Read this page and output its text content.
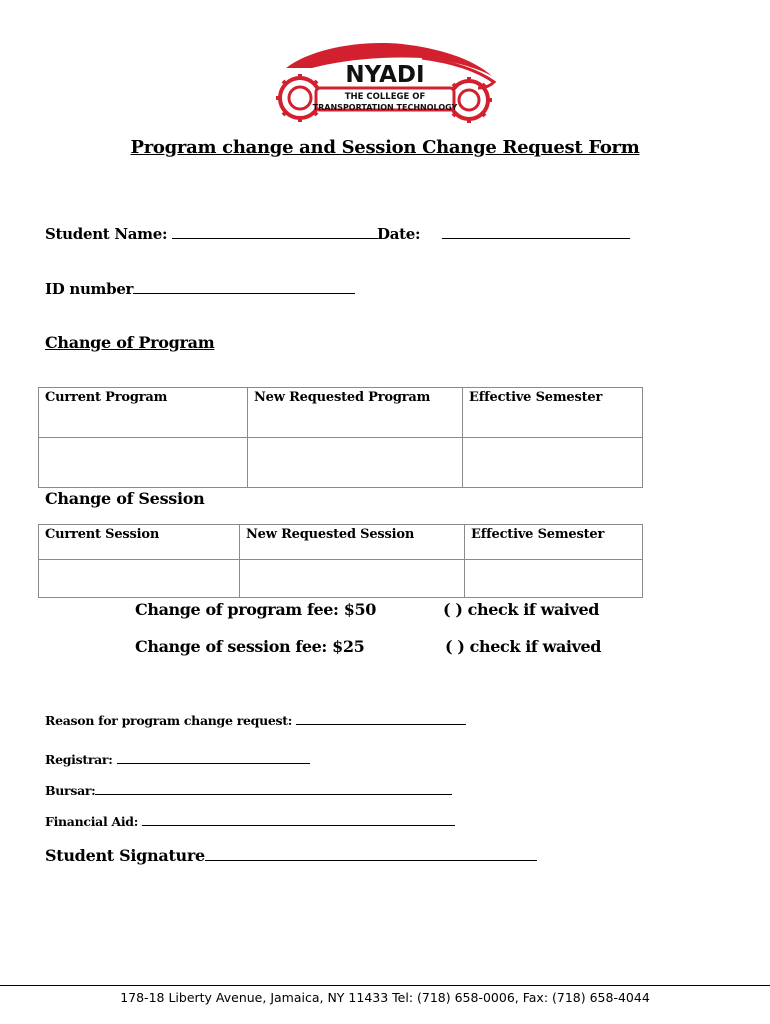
NYADI
THE COLLEGE OF
TRANSPORTATION TECHNOLOGY
Program change and Session Change Request Form
Student Name:	Date:
ID number
Change of Program
Current Program	New Requested Program	Effective Semester

Change of Session
Current Session	New Requested Session	Effective Semester

Change of program fee: $50	( ) check if waived
Change of session fee: $25	( ) check if waived
Reason for program change request:
Registrar:
Bursar:
Financial Aid:
Student Signature
178-18 Liberty Avenue, Jamaica, NY 11433 Tel: (718) 658-0006, Fax: (718) 658-4044
